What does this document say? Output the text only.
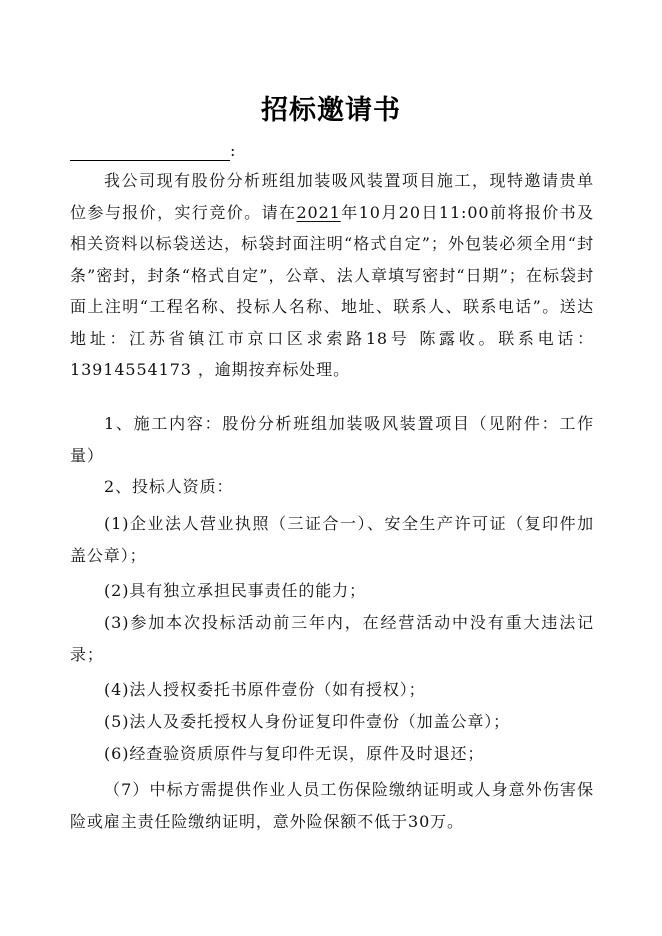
招标邀请书
:

我公司现有股份分析班组加装吸风装置项目施工，现特邀请贵单位参与报价，实行竞价。请在2021年10月20日11:00前将报价书及相关资料以标袋送达，标袋封面注明“格式自定”；外包装必须全用“封条”密封，封条“格式自定”，公章、法人章填写密封“日期”；在标袋封面上注明“工程名称、投标人名称、地址、联系人、联系电话”。送达地址：江苏省镇江市京口区求索路18号 陈露收。联系电话：13914554173 ，逾期按弃标处理。

1、施工内容：股份分析班组加装吸风装置项目（见附件：工作量）

2、投标人资质：

(1)企业法人营业执照（三证合一）、安全生产许可证（复印件加盖公章）；

(2)具有独立承担民事责任的能力；

(3)参加本次投标活动前三年内，在经营活动中没有重大违法记录；

(4)法人授权委托书原件壹份（如有授权）；

(5)法人及委托授权人身份证复印件壹份（加盖公章）；

(6)经查验资质原件与复印件无误，原件及时退还；

（7）中标方需提供作业人员工伤保险缴纳证明或人身意外伤害保险或雇主责任险缴纳证明，意外险保额不低于30万。
